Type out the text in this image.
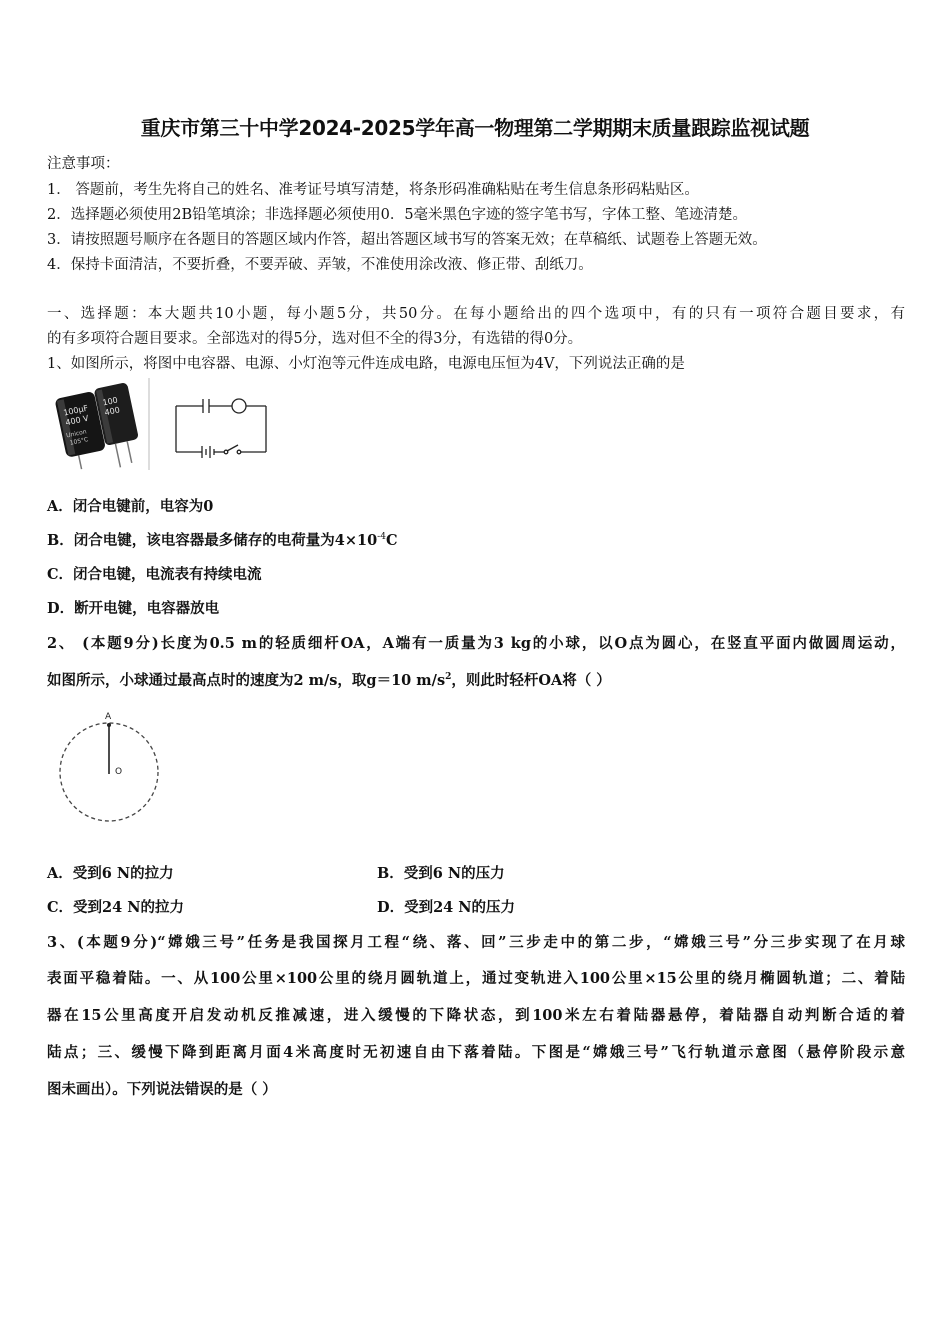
重庆市第三十中学2024-2025学年高一物理第二学期期末质量跟踪监视试题
注意事项：
1． 答题前，考生先将自己的姓名、准考证号填写清楚，将条形码准确粘贴在考生信息条形码粘贴区。
2．选择题必须使用2B铅笔填涂；非选择题必须使用0．5毫米黑色字迹的签字笔书写，字体工整、笔迹清楚。
3．请按照题号顺序在各题目的答题区域内作答，超出答题区域书写的答案无效；在草稿纸、试题卷上答题无效。
4．保持卡面清洁，不要折叠，不要弄破、弄皱，不准使用涂改液、修正带、刮纸刀。
一、选择题：本大题共10小题，每小题5分，共50分。在每小题给出的四个选项中，有的只有一项符合题目要求，有
的有多项符合题目要求。全部选对的得5分，选对但不全的得3分，有选错的得0分。
1、如图所示，将图中电容器、电源、小灯泡等元件连成电路，电源电压恒为4V，下列说法正确的是
100μF
400 V
100
400
Unicon
105°C
A．闭合电键前，电容为0
B．闭合电键，该电容器最多储存的电荷量为$4\times 10^{-4}C$
C．闭合电键，电流表有持续电流
D．断开电键，电容器放电
2、 (本题9分)长度为0.5 m的轻质细杆OA，A端有一质量为3 kg的小球，以O点为圆心，在竖直平面内做圆周运动，
如图所示，小球通过最高点时的速度为2 m/s，取g＝10 $m/s^2$，则此时轻杆OA将（ ）
A
O
A．受到6 N的拉力	B．受到6 N的压力
C．受到24 N的拉力	D．受到24 N的压力
3、(本题9分)“嫦娥三号”任务是我国探月工程“绕、落、回”三步走中的第二步，“嫦娥三号”分三步实现了在月球
表面平稳着陆。一、从100公里×100公里的绕月圆轨道上，通过变轨进入100公里×15公里的绕月椭圆轨道；二、着陆
器在15公里高度开启发动机反推减速，进入缓慢的下降状态，到100米左右着陆器悬停，着陆器自动判断合适的着
陆点；三、缓慢下降到距离月面4米高度时无初速自由下落着陆。下图是“嫦娥三号”飞行轨道示意图（悬停阶段示意
图未画出）。下列说法错误的是（ ）
